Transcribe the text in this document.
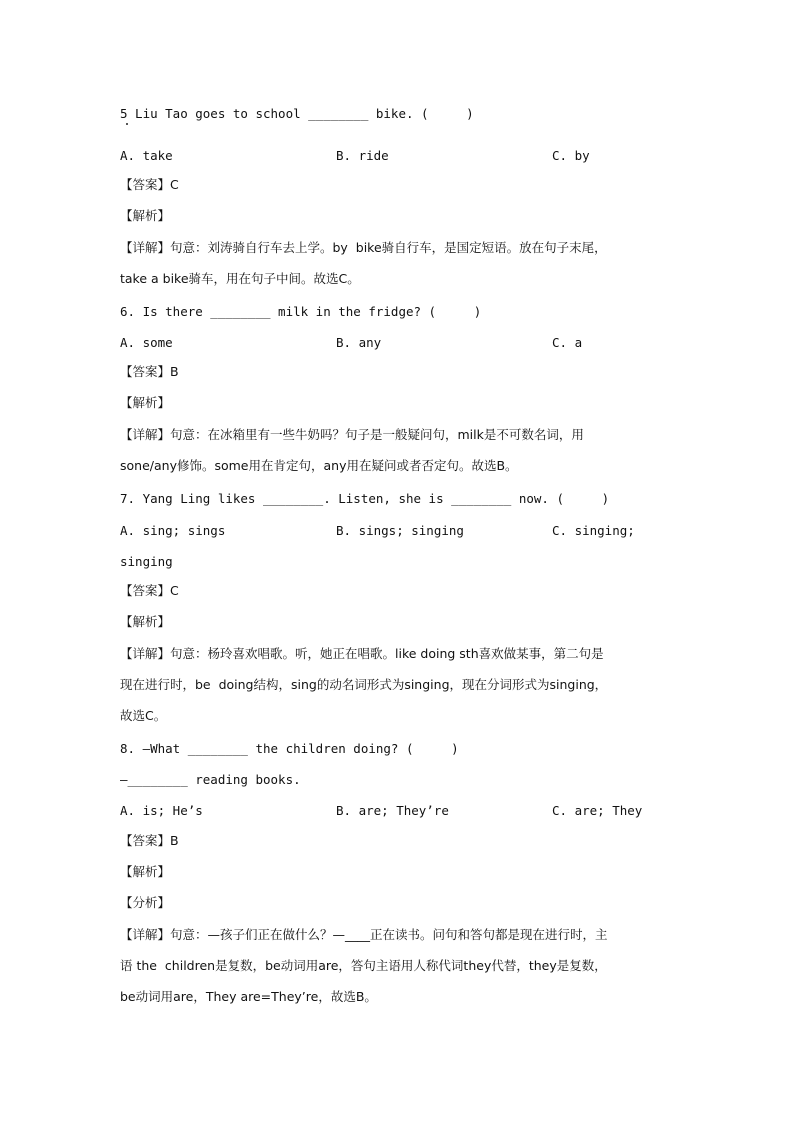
5 Liu Tao goes to school ________ bike. (     )
A. take	B. ride	C. by
【答案】C
【解析】
【详解】句意：刘涛骑自行车去上学。by  bike骑自行车，是国定短语。放在句子末尾，
take a bike骑车，用在句子中间。故选C。
6. Is there ________ milk in the fridge? (     )
A. some	B. any	C. a
【答案】B
【解析】
【详解】句意：在冰箱里有一些牛奶吗？句子是一般疑问句，milk是不可数名词，用
sone/any修饰。some用在肯定句，any用在疑问或者否定句。故选B。
7. Yang Ling likes ________. Listen, she is ________ now. (     )
A. sing; sings	B. sings; singing	C. singing;
singing
【答案】C
【解析】
【详解】句意：杨玲喜欢唱歌。听，她正在唱歌。like doing sth喜欢做某事，第二句是
现在进行时，be  doing结构，sing的动名词形式为singing，现在分词形式为singing，
故选C。
8. —What ________ the children doing? (     )
—________ reading books.
A. is; He’s	B. are; They’re	C. are; They
【答案】B
【解析】
【分析】
【详解】句意：—孩子们正在做什么？—____正在读书。问句和答句都是现在进行时，主
语 the  children是复数，be动词用are，答句主语用人称代词they代替，they是复数，
be动词用are，They are=They’re，故选B。
